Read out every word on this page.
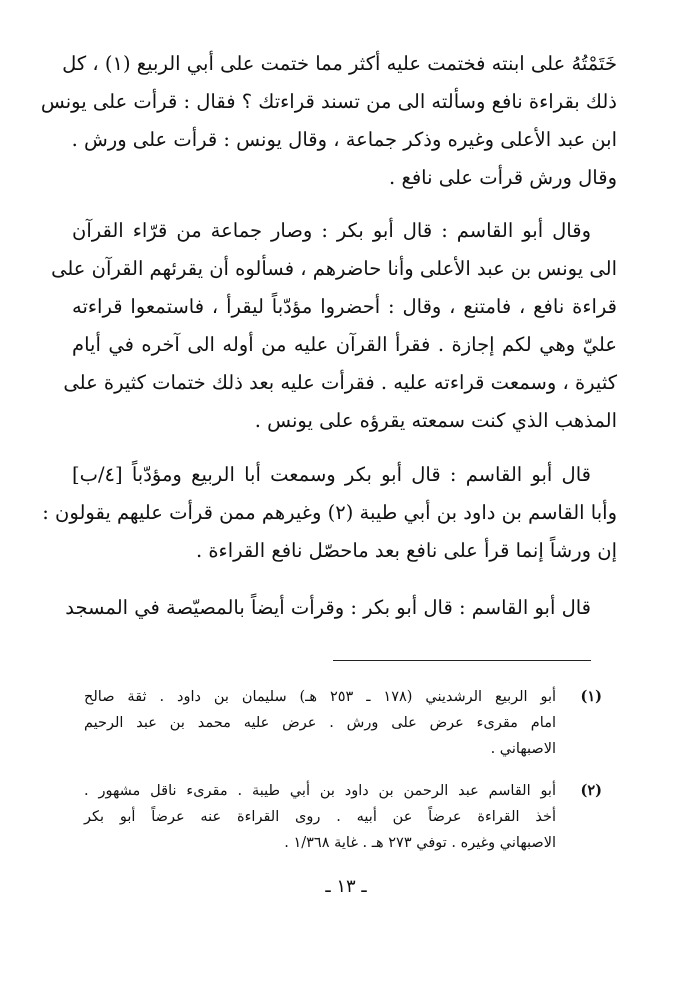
خَتَمْتُهُ على ابنته فختمت عليه أكثر مما ختمت على أبي الربيع (١) ، كل
ذلك بقراءة نافع وسألته الى من تسند قراءتك ؟ فقال : قرأت على يونس
ابن عبد الأعلى وغيره وذكر جماعة ، وقال يونس : قرأت على ورش .
وقال ورش قرأت على نافع .
وقال أبو القاسم : قال أبو بكر : وصار جماعة من قرّاء القرآن
الى يونس بن عبد الأعلى وأنا حاضرهم ، فسألوه أن يقرئهم القرآن على
قراءة نافع ، فامتنع ، وقال : أحضروا مؤدّباً ليقرأ ، فاستمعوا قراءته
عليّ وهي لكم إجازة . فقرأ القرآن عليه من أوله الى آخره في أيام
كثيرة ، وسمعت قراءته عليه . فقرأت عليه بعد ذلك ختمات كثيرة على
المذهب الذي كنت سمعته يقرؤه على يونس .
قال أبو القاسم : قال أبو بكر وسمعت أبا الربيع ومؤدّباً [٤/ب]
وأبا القاسم بن داود بن أبي طيبة (٢) وغيرهم ممن قرأت عليهم يقولون :
إن ورشاً إنما قرأ على نافع بعد ماحصّل نافع القراءة .
قال أبو القاسم : قال أبو بكر : وقرأت أيضاً بالمصيّصة في المسجد
(١)
أبو الربيع الرشديني (١٧٨ ـ ٢٥٣ هـ) سليمان بن داود . ثقة صالح
امام مقرىء عرض على ورش . عرض عليه محمد بن عبد الرحيم
الاصبهاني .
(٢)
أبو القاسم عبد الرحمن بن داود بن أبي طيبة . مقرىء ناقل مشهور .
أخذ القراءة عرضاً عن أبيه . روى القراءة عنه عرضاً أبو بكر
الاصبهاني وغيره . توفي ٢٧٣ هـ . غاية ١/٣٦٨ .
ـ ١٣ ـ
